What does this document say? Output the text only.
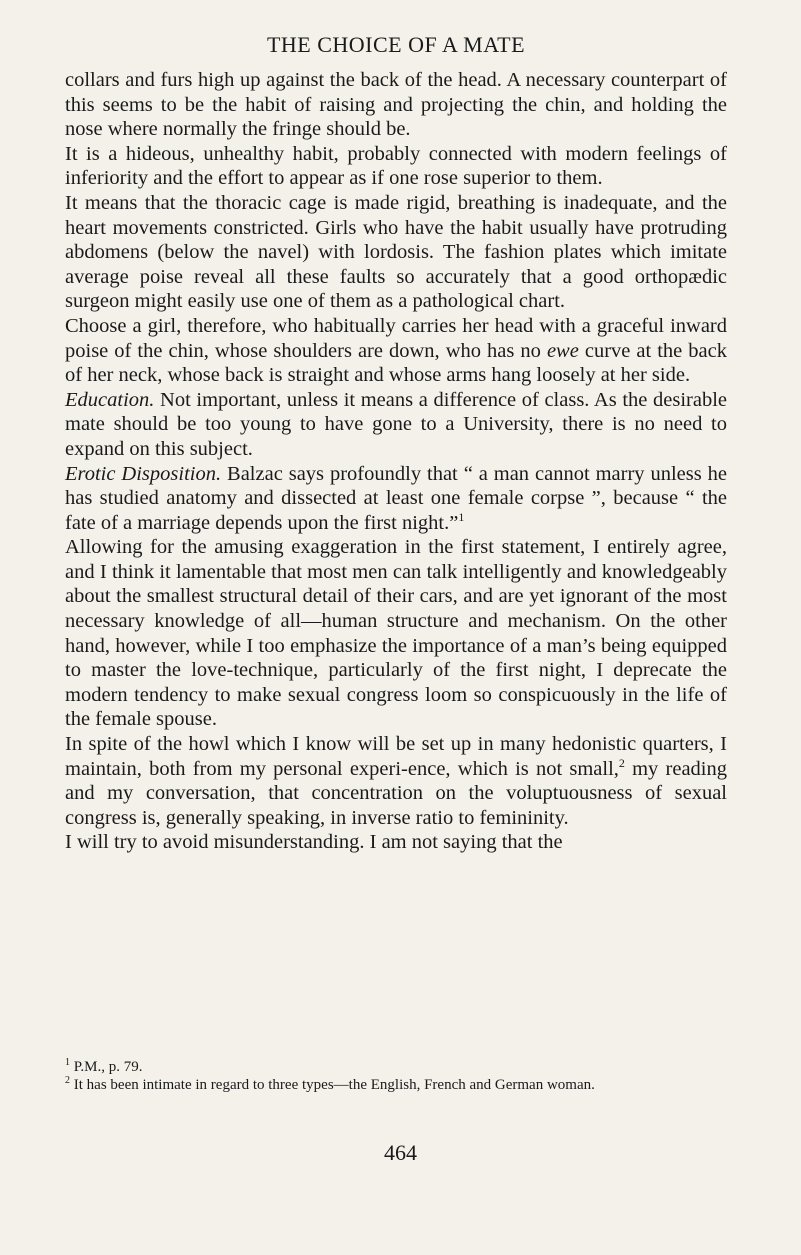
THE CHOICE OF A MATE

collars and furs high up against the back of the head. A necessary counterpart of this seems to be the habit of raising and projecting the chin, and holding the nose where normally the fringe should be.

It is a hideous, unhealthy habit, probably connected with modern feelings of inferiority and the effort to appear as if one rose superior to them.

It means that the thoracic cage is made rigid, breathing is inadequate, and the heart movements constricted. Girls who have the habit usually have protruding abdomens (below the navel) with lordosis. The fashion plates which imitate average poise reveal all these faults so accurately that a good orthopædic surgeon might easily use one of them as a pathological chart.

Choose a girl, therefore, who habitually carries her head with a graceful inward poise of the chin, whose shoulders are down, who has no ewe curve at the back of her neck, whose back is straight and whose arms hang loosely at her side.

Education. Not important, unless it means a difference of class. As the desirable mate should be too young to have gone to a University, there is no need to expand on this subject.

Erotic Disposition. Balzac says profoundly that “ a man cannot marry unless he has studied anatomy and dissected at least one female corpse ”, because “ the fate of a marriage depends upon the first night.”$^1$

Allowing for the amusing exaggeration in the first statement, I entirely agree, and I think it lamentable that most men can talk intelligently and knowledgeably about the smallest structural detail of their cars, and are yet ignorant of the most necessary knowledge of all—human structure and mechanism. On the other hand, however, while I too emphasize the importance of a man’s being equipped to master the love-technique, particularly of the first night, I deprecate the modern tendency to make sexual congress loom so conspicuously in the life of the female spouse.

In spite of the howl which I know will be set up in many hedonistic quarters, I maintain, both from my personal experi-ence, which is not small,$^2$ my reading and my conversation, that concentration on the voluptuousness of sexual congress is, generally speaking, in inverse ratio to femininity.

I will try to avoid misunderstanding. I am not saying that the

$^1$ P.M., p. 79.

$^2$ It has been intimate in regard to three types—the English, French and German woman.

464
